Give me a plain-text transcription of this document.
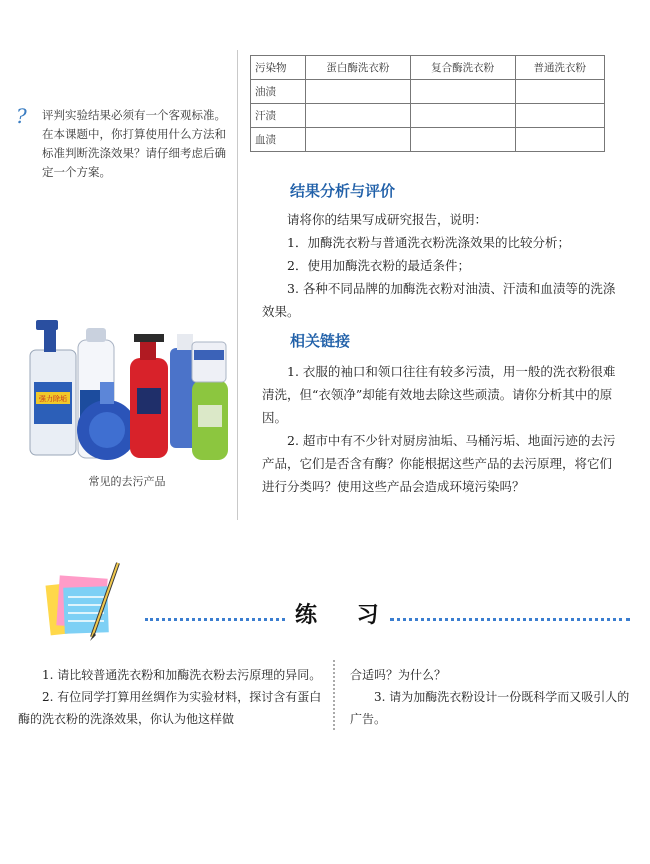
? 评判实验结果必须有一个客观标准。在本课题中，你打算使用什么方法和标准判断洗涤效果？请仔细考虑后确定一个方案。

污染物	蛋白酶洗衣粉	复合酶洗衣粉	普通洗衣粉
油渍			
汗渍			
血渍			
结果分析与评价

请将你的结果写成研究报告，说明：

1．加酶洗衣粉与普通洗衣粉洗涤效果的比较分析；

2．使用加酶洗衣粉的最适条件；

3. 各种不同品牌的加酶洗衣粉对油渍、汗渍和血渍等的洗涤效果。

相关链接

1. 衣服的袖口和领口往往有较多污渍，用一般的洗衣粉很难清洗，但“衣领净”却能有效地去除这些顽渍。请你分析其中的原因。

2. 超市中有不少针对厨房油垢、马桶污垢、地面污迹的去污产品，它们是否含有酶？你能根据这些产品的去污原理，将它们进行分类吗？使用这些产品会造成环境污染吗？

强力除垢
常见的去污产品
练 习

1. 请比较普通洗衣粉和加酶洗衣粉去污原理的异同。

2. 有位同学打算用丝绸作为实验材料，探讨含有蛋白酶的洗衣粉的洗涤效果，你认为他这样做

合适吗？为什么？

3. 请为加酶洗衣粉设计一份既科学而又吸引人的广告。
